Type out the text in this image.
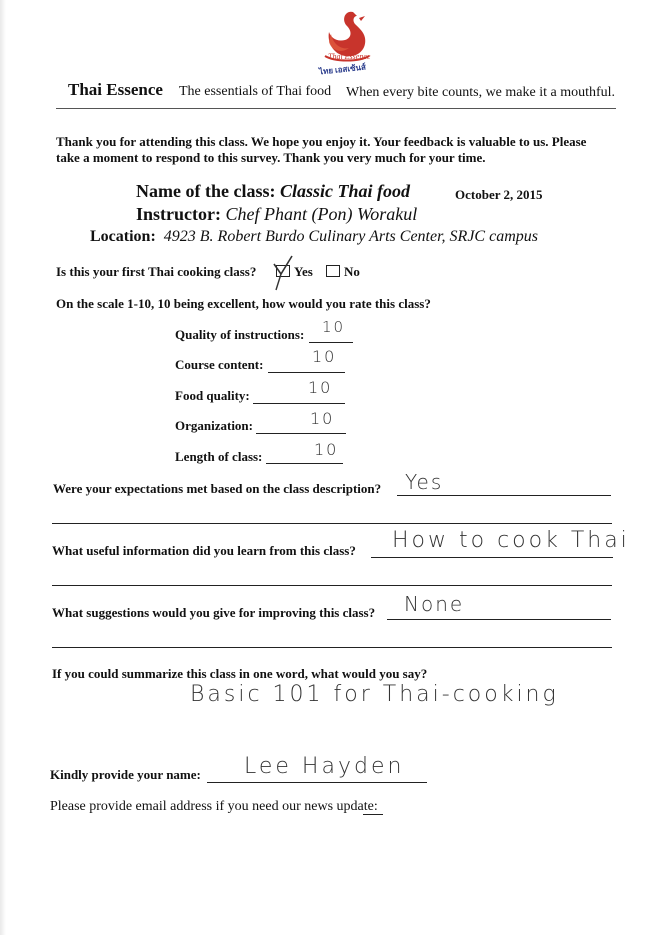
Thai Essence
ไทย เอสเซ้นส์
Thai Essence The essentials of Thai food When every bite counts, we make it a mouthful.
Thank you for attending this class. We hope you enjoy it. Your feedback is valuable to us. Please
take a moment to respond to this survey. Thank you very much for your time.
Name of the class: Classic Thai food	October 2, 2015
Instructor: Chef Phant (Pon) Worakul
Location: 4923 B. Robert Burdo Culinary Arts Center, SRJC campus
Is this your first Thai cooking class?	Yes	No
On the scale 1-10, 10 being excellent, how would you rate this class?
Quality of instructions: 10
Course content:	10
Food quality:	10
Organization:	10
Length of class:	10
Were your expectations met based on the class description? Yes
What useful information did you learn from this class? How to cook Thai
What suggestions would you give for improving this class? None
If you could summarize this class in one word, what would you say?
Basic 101 for Thai-cooking
Kindly provide your name: Lee Hayden
Please provide email address if you need our news update:
